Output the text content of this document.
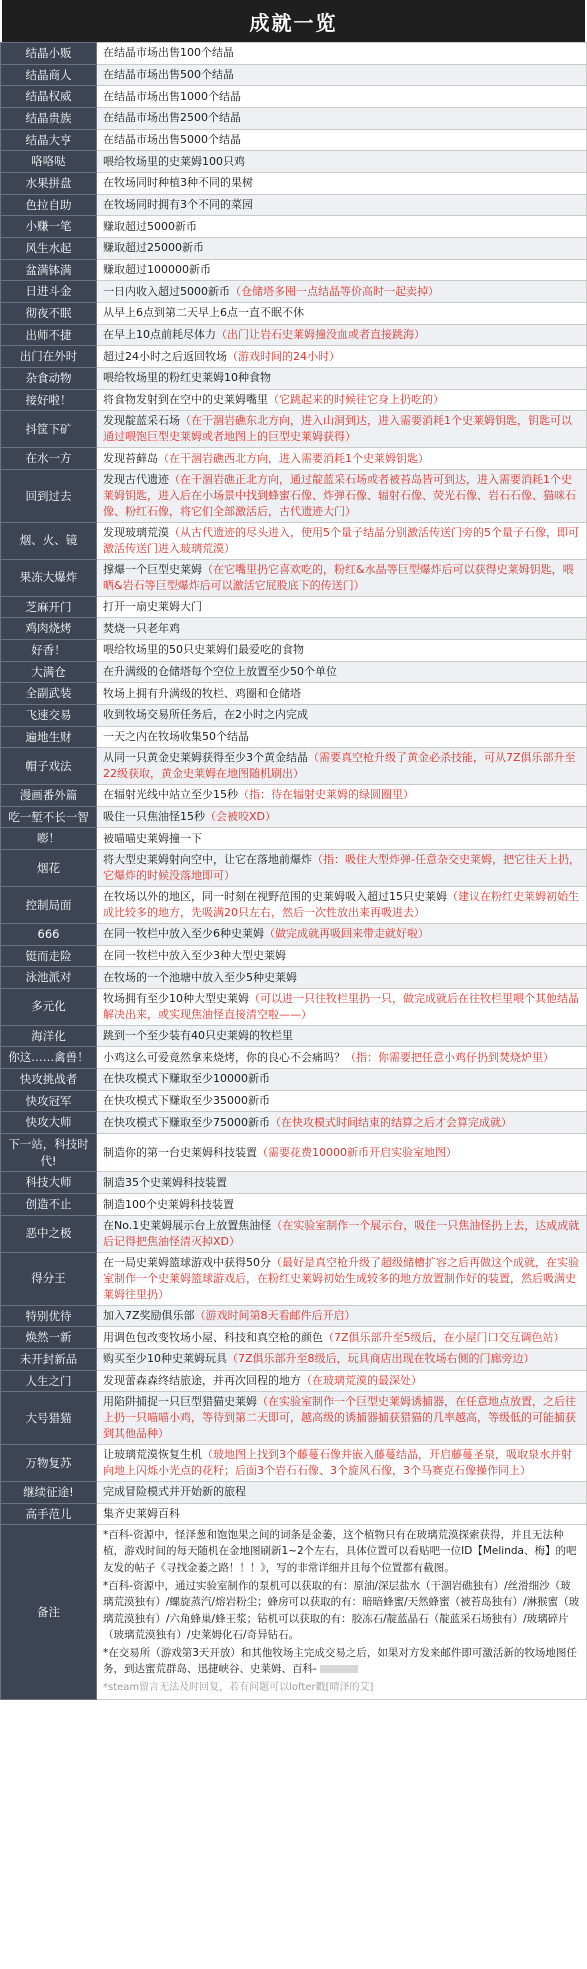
成就一览
结晶小贩	在结晶市场出售100个结晶
结晶商人	在结晶市场出售500个结晶
结晶权威	在结晶市场出售1000个结晶
结晶贵族	在结晶市场出售2500个结晶
结晶大亨	在结晶市场出售5000个结晶
咯咯哒	喂给牧场里的史莱姆100只鸡
水果拼盘	在牧场同时种植3种不同的果树
色拉自助	在牧场同时拥有3个不同的菜园
小赚一笔	赚取超过5000新币
风生水起	赚取超过25000新币
盆满钵满	赚取超过100000新币
日进斗金	一日内收入超过5000新币（仓储塔多囤一点结晶等价高时一起卖掉）
彻夜不眠	从早上6点到第二天早上6点一直不眠不休
出师不捷	在早上10点前耗尽体力（出门让岩石史莱姆撞没血或者直接跳海）
出门在外时	超过24小时之后返回牧场（游戏时间的24小时）
杂食动物	喂给牧场里的粉红史莱姆10种食物
接好啦！	将食物发射到在空中的史莱姆嘴里（它跳起来的时候往它身上扔吃的）
抖筐下矿	发现靛蓝采石场（在干涸岩礁东北方向，进入山洞到达，进入需要消耗1个史莱姆钥匙，钥匙可以通过喂饱巨型史莱姆或者地图上的巨型史莱姆获得）
在水一方	发现苔藓岛（在干涸岩礁西北方向，进入需要消耗1个史莱姆钥匙）
回到过去	发现古代遗迹（在干涸岩礁正北方向，通过靛蓝采石场或者被苔岛皆可到达，进入需要消耗1个史莱姆钥匙，进入后在小场景中找到蜂蜜石像、炸弹石像、辐射石像、荧光石像、岩石石像、猫咪石像、粉红石像，将它们全部激活后，古代遗迹大门）
烟、火、镜	发现玻璃荒漠（从古代遗迹的尽头进入，使用5个量子结晶分别激活传送门旁的5个量子石像，即可激活传送门进入玻璃荒漠）
果冻大爆炸	撑爆一个巨型史莱姆（在它嘴里扔它喜欢吃的，粉红&水晶等巨型爆炸后可以获得史莱姆钥匙，喂晒&岩石等巨型爆炸后可以激活它屁股底下的传送门）
芝麻开门	打开一扇史莱姆大门
鸡肉烧烤	焚烧一只老年鸡
好香！	喂给牧场里的50只史莱姆们最爱吃的食物
大满仓	在升满级的仓储塔每个空位上放置至少50个单位
全副武装	牧场上拥有升满级的牧栏、鸡圈和仓储塔
飞速交易	收到牧场交易所任务后，在2小时之内完成
遍地生财	一天之内在牧场收集50个结晶
帽子戏法	从同一只黄金史莱姆获得至少3个黄金结晶（需要真空枪升级了黄金必杀技能，可从7Z俱乐部升至22级获取，黄金史莱姆在地图随机刷出）
漫画番外篇	在辐射光线中站立至少15秒（指：待在辐射史莱姆的绿圆圈里）
吃一堑不长一智	吸住一只焦油怪15秒（会被咬XD）
嘭！	被喵喵史莱姆撞一下
烟花	将大型史莱姆射向空中，让它在落地前爆炸（指：吸住大型炸弹-任意杂交史莱姆，把它往天上扔，它爆炸的时候没落地即可）
控制局面	在牧场以外的地区，同一时刻在视野范围的史莱姆吸入超过15只史莱姆（建议在粉红史莱姆初始生成比较多的地方，先吸满20只左右，然后一次性放出来再吸进去）
666	在同一牧栏中放入至少6种史莱姆（做完成就再吸回来带走就好啦）
铤而走险	在同一牧栏中放入至少3种大型史莱姆
泳池派对	在牧场的一个池塘中放入至少5种史莱姆
多元化	牧场拥有至少10种大型史莱姆（可以进一只往牧栏里扔一只，做完成就后在往牧栏里喂个其他结晶解决出来，或实现焦油怪直接清空啦——）
海洋化	跳到一个至少装有40只史莱姆的牧栏里
你这……禽兽！	小鸡这么可爱竟然拿来烧烤，你的良心不会痛吗？（指：你需要把任意小鸡仔扔到焚烧炉里）
快攻挑战者	在快攻模式下赚取至少10000新币
快攻冠军	在快攻模式下赚取至少35000新币
快攻大师	在快攻模式下赚取至少75000新币（在快攻模式时间结束的结算之后才会算完成就）
下一站，科技时代!	制造你的第一台史莱姆科技装置（需要花费10000新币开启实验室地图）
科技大师	制造35个史莱姆科技装置
创造不止	制造100个史莱姆科技装置
恶中之极	在No.1史莱姆展示台上放置焦油怪（在实验室制作一个展示台，吸住一只焦油怪扔上去，达成成就后记得把焦油怪清灭掉XD）
得分王	在一局史莱姆篮球游戏中获得50分（最好是真空枪升级了超级储槽扩容之后再做这个成就，在实验室制作一个史莱姆篮球游戏后，在粉红史莱姆初始生成较多的地方放置制作好的装置，然后吸满史莱姆往里扔）
特别优待	加入7Z奖励俱乐部（游戏时间第8天看邮件后开启）
焕然一新	用调色包改变牧场小屋、科技和真空枪的颜色（7Z俱乐部升至5级后，在小屋门口交互调色站）
未开封新品	购买至少10种史莱姆玩具（7Z俱乐部升至8级后，玩具商店出现在牧场右侧的门廊旁边）
人生之门	发现蕾森森终结旅途，并再次回程的地方（在玻璃荒漠的最深处）
大号猎猫	用陷阱捕捉一只巨型猎猫史莱姆（在实验室制作一个巨型史莱姆诱捕器，在任意地点放置，之后往上扔一只喵喵小鸡，等待到第二天即可，越高级的诱捕器捕获猎猫的几率越高，等级低的可能捕获到其他品种）
万物复苏	让玻璃荒漠恢复生机（玻地图上找到3个藤蔓石像并嵌入藤蔓结晶，开启藤蔓圣泉，吸取泉水并射向地上闪烁小光点的花籽；后面3个岩石石像、3个旋风石像，3个马赛克石像操作同上）
继续征途!	完成冒险模式并开始新的旅程
高手范儿	集齐史莱姆百科
备注	*百科-资源中，怪泽葱和饱饱果之间的词条是金萎，这个植物只有在玻璃荒漠探索获得，并且无法种植，游戏时间的每天随机在金地图刷新1~2个左右，具体位置可以看贴吧一位ID【Melinda、梅】的吧友发的帖子《寻找金萎之路！！！》，写的非常详细并且每个位置都有截图。

*百科-资源中，通过实验室制作的泵机可以获取的有：原油/深层盐水（干涸岩礁独有）/丝滑细沙（玻璃荒漠独有）/螺旋蒸汽/熔岩粉尘；蜂房可以获取的有：暗暗蜂蜜/天然蜂蜜（被苔岛独有）/淋猴蜜（玻璃荒漠独有）/六角蜂巢/蜂王浆；钻机可以获取的有：胶冻石/靛蓝晶石（靛蓝采石场独有）/玻璃碎片（玻璃荒漠独有）/史莱姆化石/奇异钻石。

*在交易所（游戏第3天开放）和其他牧场主完成交易之后，如果对方发来邮件即可激活新的牧场地图任务，到达蜜荒群岛、迅捷峡谷、史莱姆、百科-

*steam留言无法及时回复，若有问题可以lofter戳[晴泽的艾]
